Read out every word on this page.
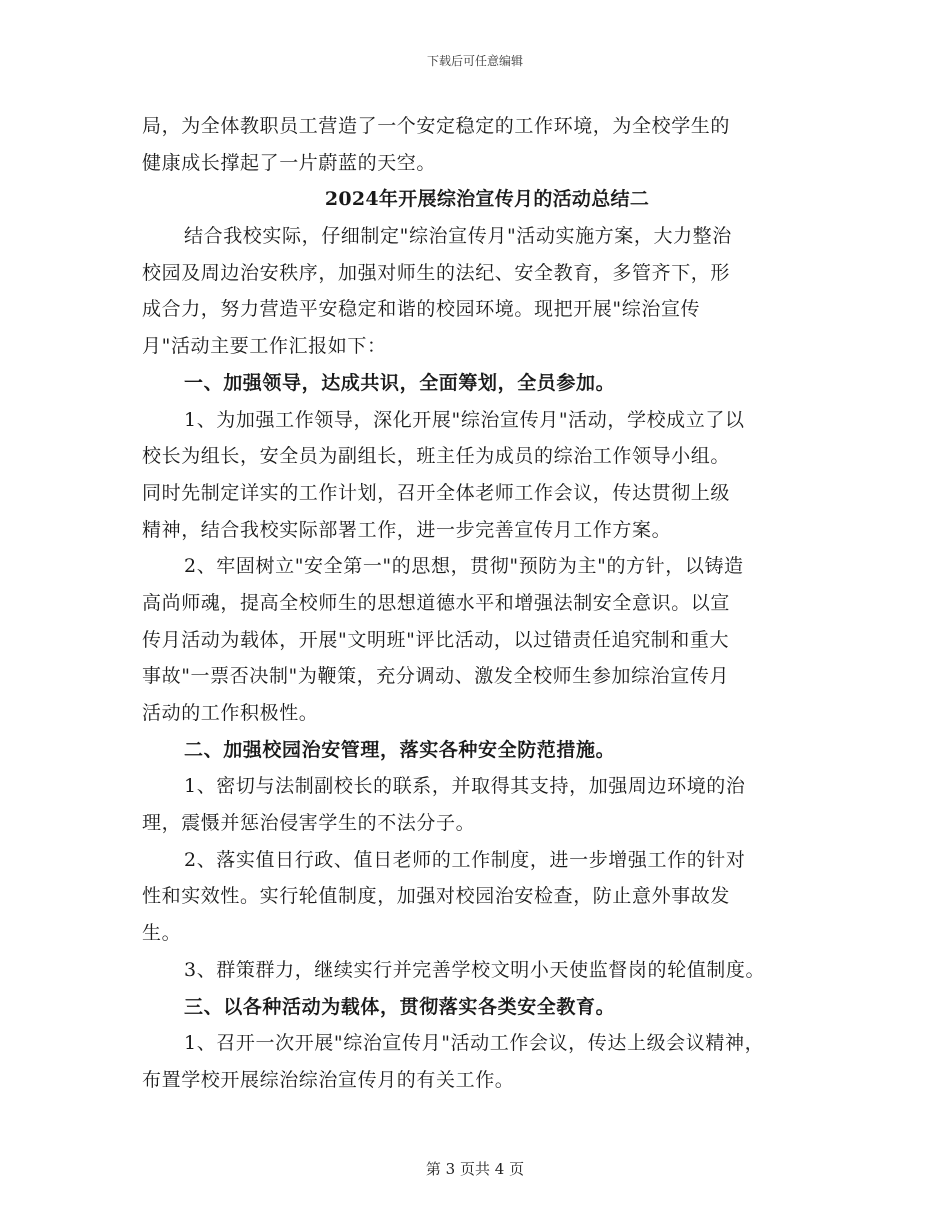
下载后可任意编辑
局，为全体教职员工营造了一个安定稳定的工作环境，为全校学生的
健康成长撑起了一片蔚蓝的天空。
2024年开展综治宣传月的活动总结二
结合我校实际，仔细制定"综治宣传月"活动实施方案，大力整治
校园及周边治安秩序，加强对师生的法纪、安全教育，多管齐下，形
成合力，努力营造平安稳定和谐的校园环境。现把开展"综治宣传
月"活动主要工作汇报如下：
一、加强领导，达成共识，全面筹划，全员参加。
1、为加强工作领导，深化开展"综治宣传月"活动，学校成立了以
校长为组长，安全员为副组长，班主任为成员的综治工作领导小组。
同时先制定详实的工作计划，召开全体老师工作会议，传达贯彻上级
精神，结合我校实际部署工作，进一步完善宣传月工作方案。
2、牢固树立"安全第一"的思想，贯彻"预防为主"的方针，以铸造
高尚师魂，提高全校师生的思想道德水平和增强法制安全意识。以宣
传月活动为载体，开展"文明班"评比活动，以过错责任追究制和重大
事故"一票否决制"为鞭策，充分调动、激发全校师生参加综治宣传月
活动的工作积极性。
二、加强校园治安管理，落实各种安全防范措施。
1、密切与法制副校长的联系，并取得其支持，加强周边环境的治
理，震慑并惩治侵害学生的不法分子。
2、落实值日行政、值日老师的工作制度，进一步增强工作的针对
性和实效性。实行轮值制度，加强对校园治安检查，防止意外事故发
生。
3、群策群力，继续实行并完善学校文明小天使监督岗的轮值制度。
三、以各种活动为载体，贯彻落实各类安全教育。
1、召开一次开展"综治宣传月"活动工作会议，传达上级会议精神，
布置学校开展综治综治宣传月的有关工作。
第 3 页共 4 页
